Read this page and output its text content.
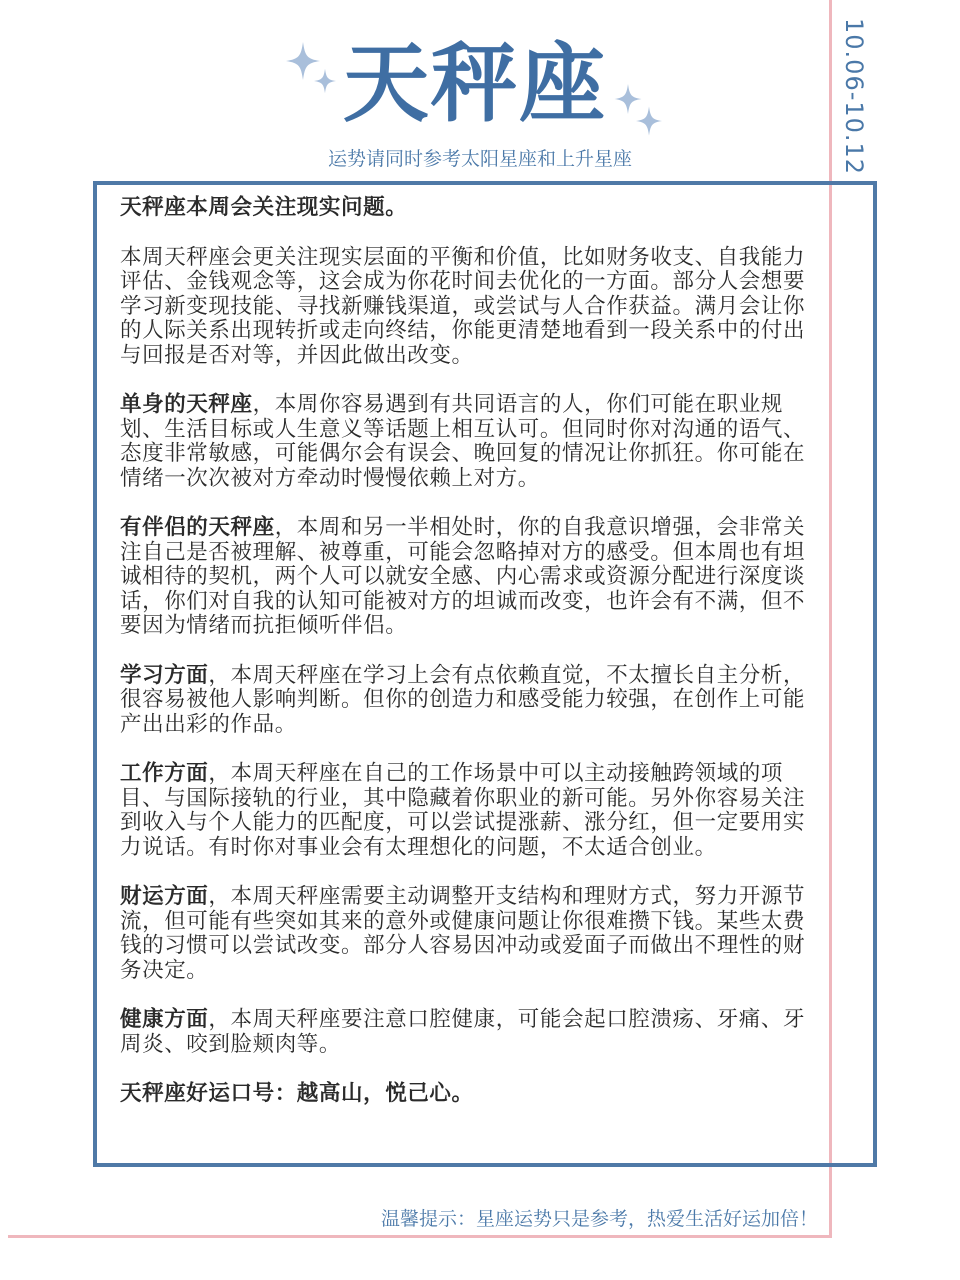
10.06-10.12
天秤座
运势请同时参考太阳星座和上升星座

天秤座本周会关注现实问题。

本周天秤座会更关注现实层面的平衡和价值，比如财务收支、自我能力评估、金钱观念等，这会成为你花时间去优化的一方面。部分人会想要学习新变现技能、寻找新赚钱渠道，或尝试与人合作获益。满月会让你的人际关系出现转折或走向终结，你能更清楚地看到一段关系中的付出与回报是否对等，并因此做出改变。

单身的天秤座，本周你容易遇到有共同语言的人，你们可能在职业规划、生活目标或人生意义等话题上相互认可。但同时你对沟通的语气、态度非常敏感，可能偶尔会有误会、晚回复的情况让你抓狂。你可能在情绪一次次被对方牵动时慢慢依赖上对方。

有伴侣的天秤座，本周和另一半相处时，你的自我意识增强，会非常关注自己是否被理解、被尊重，可能会忽略掉对方的感受。但本周也有坦诚相待的契机，两个人可以就安全感、内心需求或资源分配进行深度谈话，你们对自我的认知可能被对方的坦诚而改变，也许会有不满，但不要因为情绪而抗拒倾听伴侣。

学习方面，本周天秤座在学习上会有点依赖直觉，不太擅长自主分析，很容易被他人影响判断。但你的创造力和感受能力较强，在创作上可能产出出彩的作品。

工作方面，本周天秤座在自己的工作场景中可以主动接触跨领域的项目、与国际接轨的行业，其中隐藏着你职业的新可能。另外你容易关注到收入与个人能力的匹配度，可以尝试提涨薪、涨分红，但一定要用实力说话。有时你对事业会有太理想化的问题，不太适合创业。

财运方面，本周天秤座需要主动调整开支结构和理财方式，努力开源节流，但可能有些突如其来的意外或健康问题让你很难攒下钱。某些太费钱的习惯可以尝试改变。部分人容易因冲动或爱面子而做出不理性的财务决定。

健康方面，本周天秤座要注意口腔健康，可能会起口腔溃疡、牙痛、牙周炎、咬到脸颊肉等。

天秤座好运口号：越高山，悦己心。

温馨提示：星座运势只是参考，热爱生活好运加倍！
